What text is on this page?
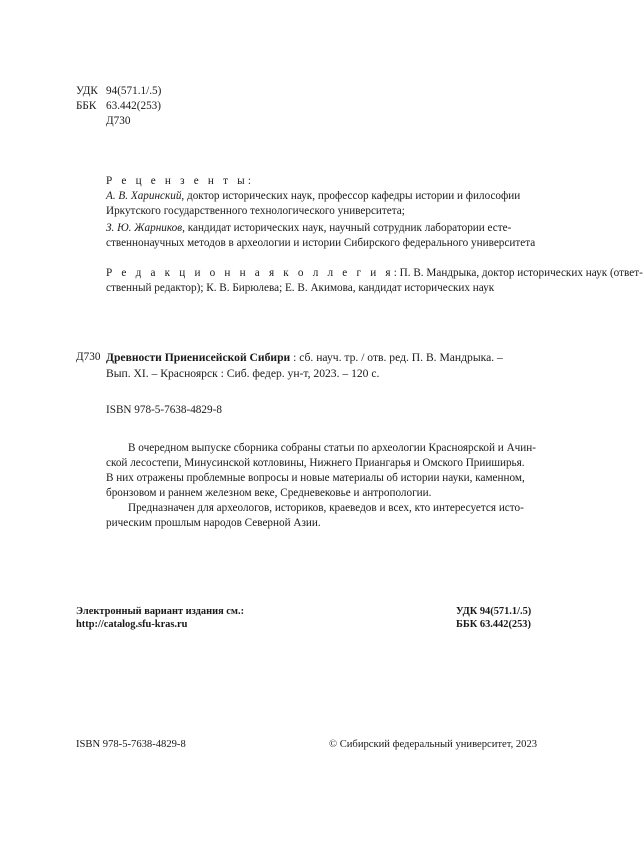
УДК 94(571.1/.5)
ББК 63.442(253)
Д730
Р е ц е н з е н т ы:
А. В. Харинский, доктор исторических наук, профессор кафедры истории и философии
Иркутского государственного технологического университета;
З. Ю. Жарников, кандидат исторических наук, научный сотрудник лаборатории есте-
ственнонаучных методов в археологии и истории Сибирского федерального университета
Р е д а к ц и о н н а я к о л л е г и я: П. В. Мандрыка, доктор исторических наук (ответ-
ственный редактор); К. В. Бирюлева; Е. В. Акимова, кандидат исторических наук
Д730 Древности Приенисейской Сибири : сб. науч. тр. / отв. ред. П. В. Мандрыка. –
Вып. XI. – Красноярск : Сиб. федер. ун-т, 2023. – 120 с.
ISBN 978-5-7638-4829-8
В очередном выпуске сборника собраны статьи по археологии Красноярской и Ачин-
ской лесостепи, Минусинской котловины, Нижнего Приангарья и Омского Прииширья.
В них отражены проблемные вопросы и новые материалы об истории науки, каменном,
бронзовом и раннем железном веке, Средневековье и антропологии.
Предназначен для археологов, историков, краеведов и всех, кто интересуется исто-
рическим прошлым народов Северной Азии.
Электронный вариант издания см.:
http://catalog.sfu-kras.ru
УДК 94(571.1/.5)
ББК 63.442(253)
ISBN 978-5-7638-4829-8	© Сибирский федеральный университет, 2023
